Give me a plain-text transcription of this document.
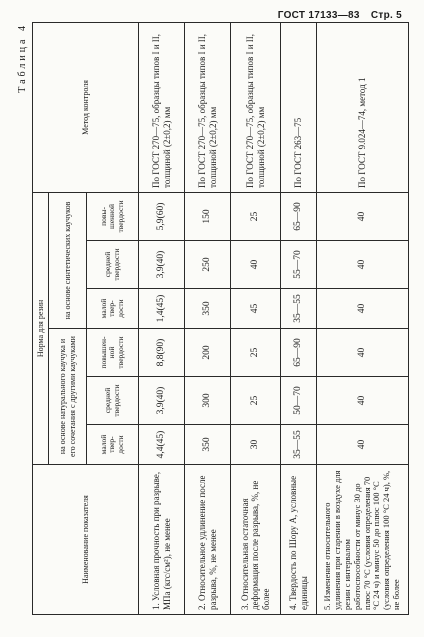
ГОСТ 17133—83 Стр. 5
Таблица 4
Наименование показателя	Норма для резин						Метод контроля
	на основе натурального каучука и его сочетания с другими каучуками			на основе синтетических каучуков			
	малой твер-дости	средней твердости	повышен-ной твердости	малой твер-дости	средней твердости	повы-шенной твердости	
1. Условная прочность при разрыве, МПа (кгс/см²), не менее	4,4(45)	3,9(40)	8,8(90)	1,4(45)	3,9(40)	5,9(60)	По ГОСТ 270—75, образцы типов I и II, толщиной (2±0,2) мм
2. Относительное удлинение после разрыва, %, не менее	350	300	200	350	250	150	По ГОСТ 270—75, образцы типов I и II, толщиной (2±0,2) мм
3. Относительная остаточная деформация после разрыва, %, не более	30	25	25	45	40	25	По ГОСТ 270—75, образцы типов I и II, толщиной (2±0,2) мм
4. Твердость по Шору А, условные единицы	35—55	50—70	65—90	35—55	55—70	65—90	По ГОСТ 263—75
5. Изменение относительного удлинения при старении в воздухе для резин с интервалом работоспособности от минус 30 до плюс 70 °С (условия определения 70 °С 24 ч) и минус 50 до плюс 100 °С (условия определения 100 °С 24 ч), %, не более	40	40	40	40	40	40	По ГОСТ 9.024—74, метод 1
